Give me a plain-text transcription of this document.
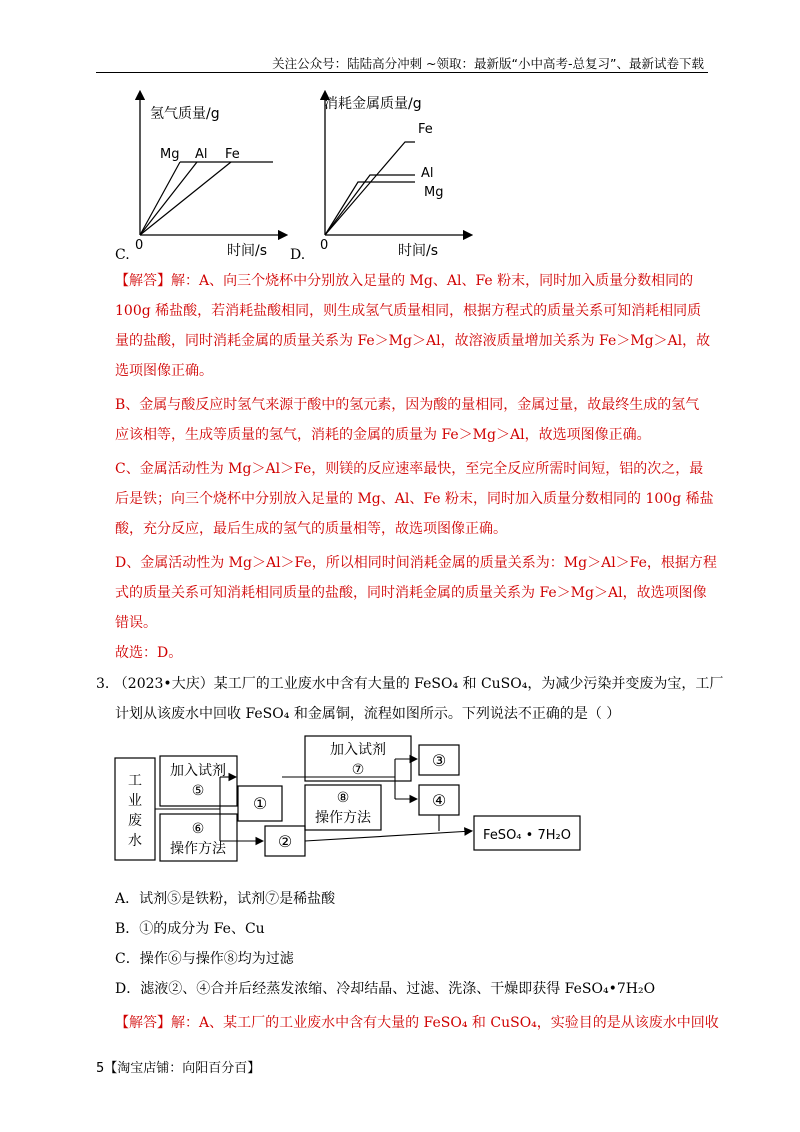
关注公众号：陆陆高分冲刺 ~领取：最新版“小中高考-总复习”、最新试卷下载
氢气质量/g
时间/s
0
Mg Al Fe
C.
消耗金属质量/g
时间/s
0
Fe
Al
Mg
D.
【解答】解：A、向三个烧杯中分别放入足量的 Mg、Al、Fe 粉末，同时加入质量分数相同的
100g 稀盐酸，若消耗盐酸相同，则生成氢气质量相同，根据方程式的质量关系可知消耗相同质
量的盐酸，同时消耗金属的质量关系为 Fe＞Mg＞Al，故溶液质量增加关系为 Fe＞Mg＞Al，故
选项图像正确。
B、金属与酸反应时氢气来源于酸中的氢元素，因为酸的量相同，金属过量，故最终生成的氢气
应该相等，生成等质量的氢气，消耗的金属的质量为 Fe＞Mg＞Al，故选项图像正确。
C、金属活动性为 Mg＞Al＞Fe，则镁的反应速率最快，至完全反应所需时间短，铝的次之，最
后是铁；向三个烧杯中分别放入足量的 Mg、Al、Fe 粉末，同时加入质量分数相同的 100g 稀盐
酸，充分反应，最后生成的氢气的质量相等，故选项图像正确。
D、金属活动性为 Mg＞Al＞Fe，所以相同时间消耗金属的质量关系为：Mg＞Al＞Fe，根据方程
式的质量关系可知消耗相同质量的盐酸，同时消耗金属的质量关系为 Fe＞Mg＞Al，故选项图像
错误。
故选：D。
3. （2023•大庆）某工厂的工业废水中含有大量的 FeSO₄ 和 CuSO₄，为减少污染并变废为宝，工厂
计划从该废水中回收 FeSO₄ 和金属铜，流程如图所示。下列说法不正确的是（ ）
工
业
废
水
加入试剂
⑤
⑥
操作方法
①
②
加入试剂
⑦
⑧
操作方法
③
④
FeSO₄ • 7H₂O
A．试剂⑤是铁粉，试剂⑦是稀盐酸
B．①的成分为 Fe、Cu
C．操作⑥与操作⑧均为过滤
D．滤液②、④合并后经蒸发浓缩、冷却结晶、过滤、洗涤、干燥即获得 FeSO₄•7H₂O
【解答】解：A、某工厂的工业废水中含有大量的 FeSO₄ 和 CuSO₄，实验目的是从该废水中回收
5【淘宝店铺：向阳百分百】
